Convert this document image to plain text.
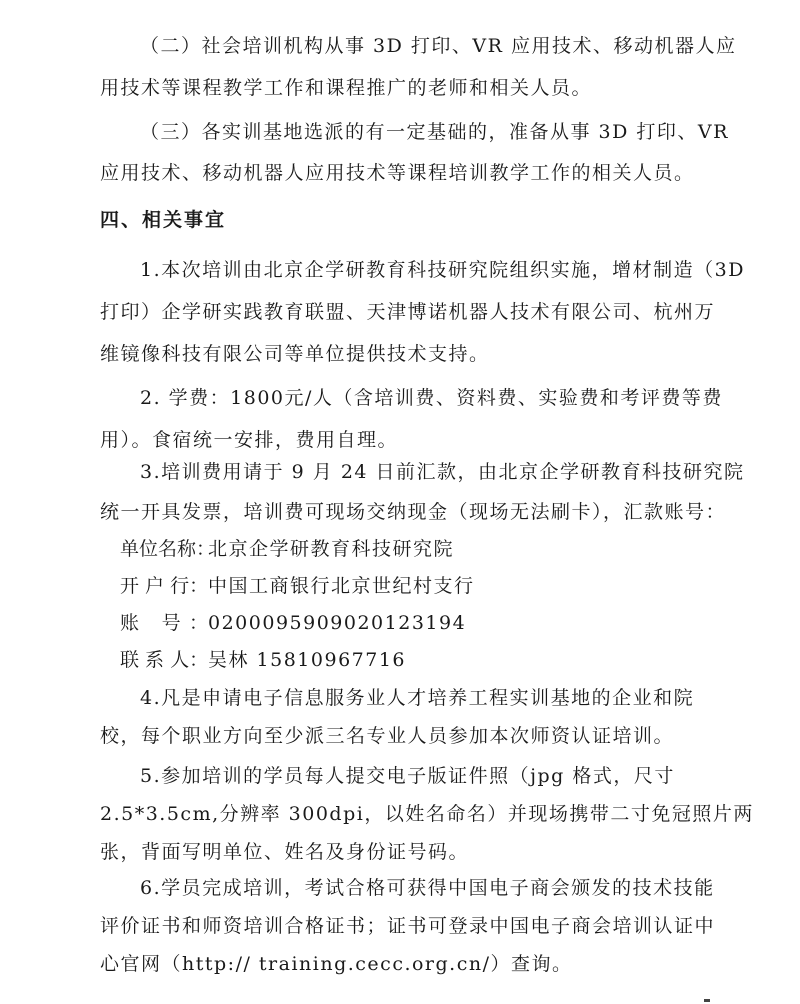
（二）社会培训机构从事 3D 打印、VR 应用技术、移动机器人应
用技术等课程教学工作和课程推广的老师和相关人员。
（三）各实训基地选派的有一定基础的，准备从事 3D 打印、VR
应用技术、移动机器人应用技术等课程培训教学工作的相关人员。
四、相关事宜
1.本次培训由北京企学研教育科技研究院组织实施，增材制造（3D
打印）企学研实践教育联盟、天津博诺机器人技术有限公司、杭州万
维镜像科技有限公司等单位提供技术支持。
2. 学费：1800元/人（含培训费、资料费、实验费和考评费等费
用）。食宿统一安排，费用自理。
3.培训费用请于 9 月 24 日前汇款，由北京企学研教育科技研究院
统一开具发票，培训费可现场交纳现金（现场无法刷卡），汇款账号：
单位名称：北京企学研教育科技研究院
开 户 行：中国工商银行北京世纪村支行
账 号：0200095909020123194
联 系 人：吴林 15810967716
4.凡是申请电子信息服务业人才培养工程实训基地的企业和院
校，每个职业方向至少派三名专业人员参加本次师资认证培训。
5.参加培训的学员每人提交电子版证件照（jpg 格式，尺寸
2.5*3.5cm,分辨率 300dpi，以姓名命名）并现场携带二寸免冠照片两
张，背面写明单位、姓名及身份证号码。
6.学员完成培训，考试合格可获得中国电子商会颁发的技术技能
评价证书和师资培训合格证书；证书可登录中国电子商会培训认证中
心官网（http:// training.cecc.org.cn/）查询。
